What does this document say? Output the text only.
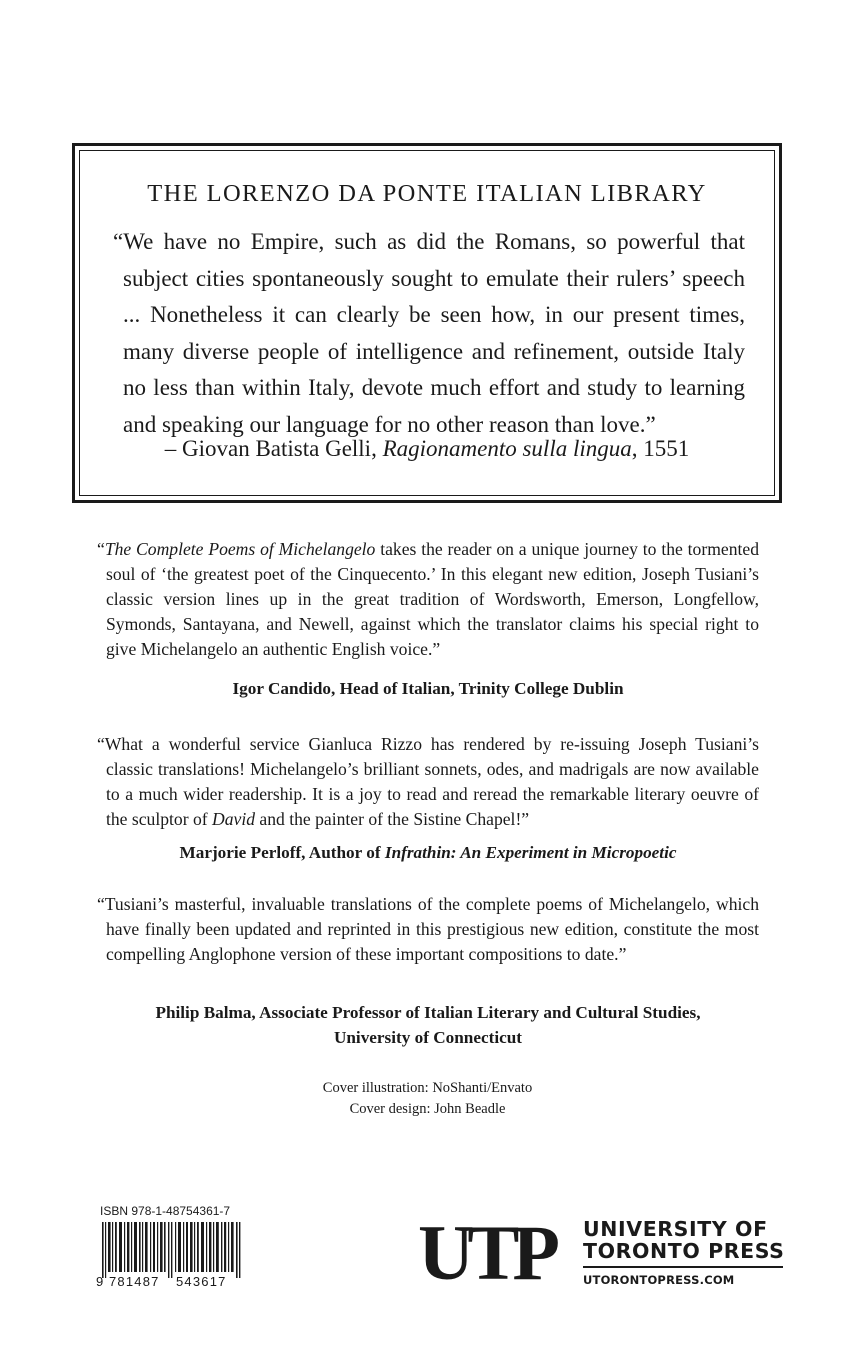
THE LORENZO DA PONTE ITALIAN LIBRARY
“We have no Empire, such as did the Romans, so powerful that subject cities spontaneously sought to emulate their rulers’ speech ... Nonetheless it can clearly be seen how, in our present times, many diverse people of intelligence and refinement, outside Italy no less than within Italy, devote much effort and study to learning and speaking our language for no other reason than love.”
– Giovan Batista Gelli, Ragionamento sulla lingua, 1551
“The Complete Poems of Michelangelo takes the reader on a unique journey to the tormented soul of ‘the greatest poet of the Cinquecento.’ In this elegant new edition, Joseph Tusiani’s classic version lines up in the great tradition of Wordsworth, Emerson, Longfellow, Symonds, Santayana, and Newell, against which the translator claims his special right to give Michelangelo an authentic English voice.”
Igor Candido, Head of Italian, Trinity College Dublin
“What a wonderful service Gianluca Rizzo has rendered by re-issuing Joseph Tusiani’s classic translations! Michelangelo’s brilliant sonnets, odes, and madrigals are now available to a much wider readership. It is a joy to read and reread the remarkable literary oeuvre of the sculptor of David and the painter of the Sistine Chapel!”
Marjorie Perloff, Author of Infrathin: An Experiment in Micropoetic
“Tusiani’s masterful, invaluable translations of the complete poems of Michelangelo, which have finally been updated and reprinted in this prestigious new edition, constitute the most compelling Anglophone version of these important compositions to date.”
Philip Balma, Associate Professor of Italian Literary and Cultural Studies,
University of Connecticut
Cover illustration: NoShanti/Envato
Cover design: John Beadle
ISBN 978-1-48754361-7
9 781487 543617 UTP UNIVERSITY OF
TORONTO PRESS
UTORONTOPRESS.COM
